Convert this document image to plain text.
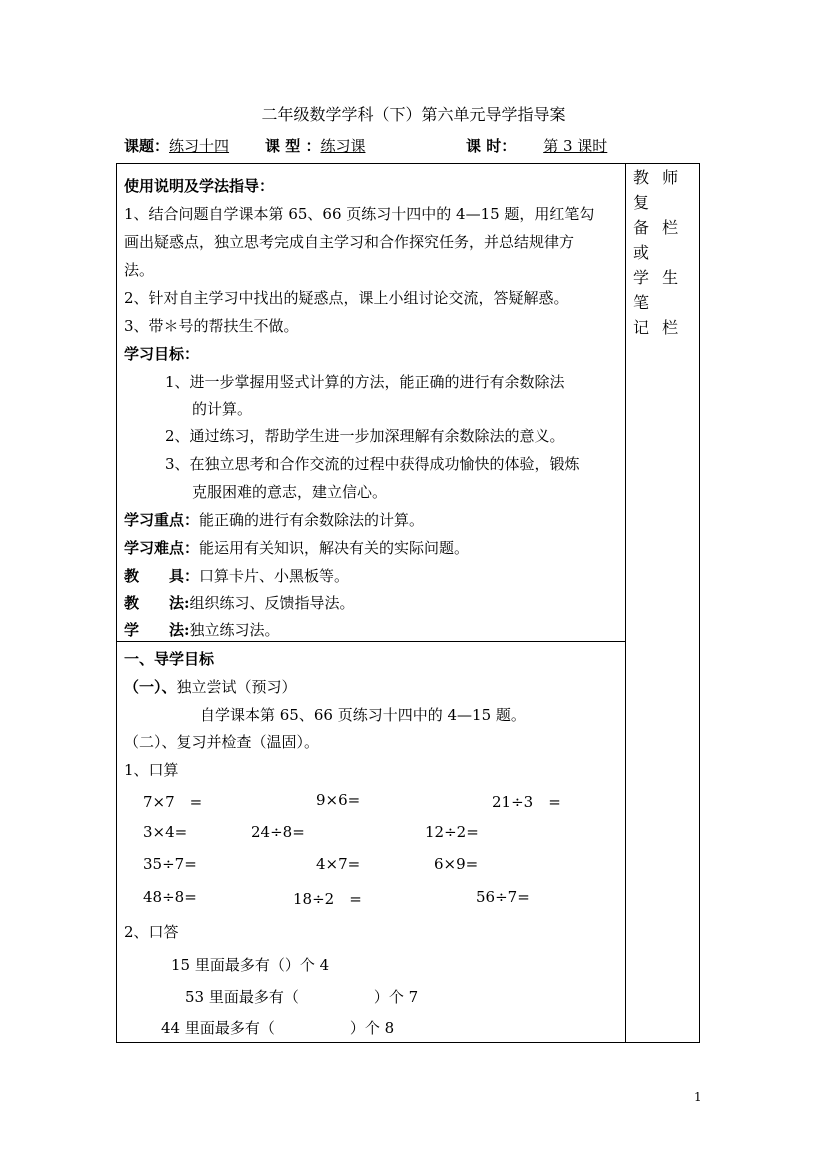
二年级数学学科（下）第六单元导学指导案
课题：练习十四 课 型 ：练习课	课 时： 第 3 课时
教 师 复
备 栏 或
学 生 笔
记 栏
使用说明及学法指导：
1、结合问题自学课本第 65、66 页练习十四中的 4—15 题，用红笔勾
画出疑惑点，独立思考完成自主学习和合作探究任务，并总结规律方
法。
2、针对自主学习中找出的疑惑点，课上小组讨论交流，答疑解惑。
3、带＊号的帮扶生不做。
学习目标：
1、进一步掌握用竖式计算的方法，能正确的进行有余数除法
的计算。
2、通过练习，帮助学生进一步加深理解有余数除法的意义。
3、在独立思考和合作交流的过程中获得成功愉快的体验，锻炼
克服困难的意志，建立信心。
学习重点：能正确的进行有余数除法的计算。
学习难点：能运用有关知识，解决有关的实际问题。
教　　具：口算卡片、小黑板等。
教　　法:组织练习、反馈指导法。
学　　法:独立练习法。
一、导学目标
（一）、独立尝试（预习）
自学课本第 65、66 页练习十四中的 4—15 题。
（二）、复习并检查（温固）。
1、口算
7×7　=	9×6=	21÷3　=
3×4=	24÷8=	12÷2=
35÷7=	4×7=	6×9=
48÷8=	18÷2　=	56÷7=
2、口答
15 里面最多有（）个 4
53 里面最多有（　　　　　）个 7
44 里面最多有（　　　　　）个 8
1
